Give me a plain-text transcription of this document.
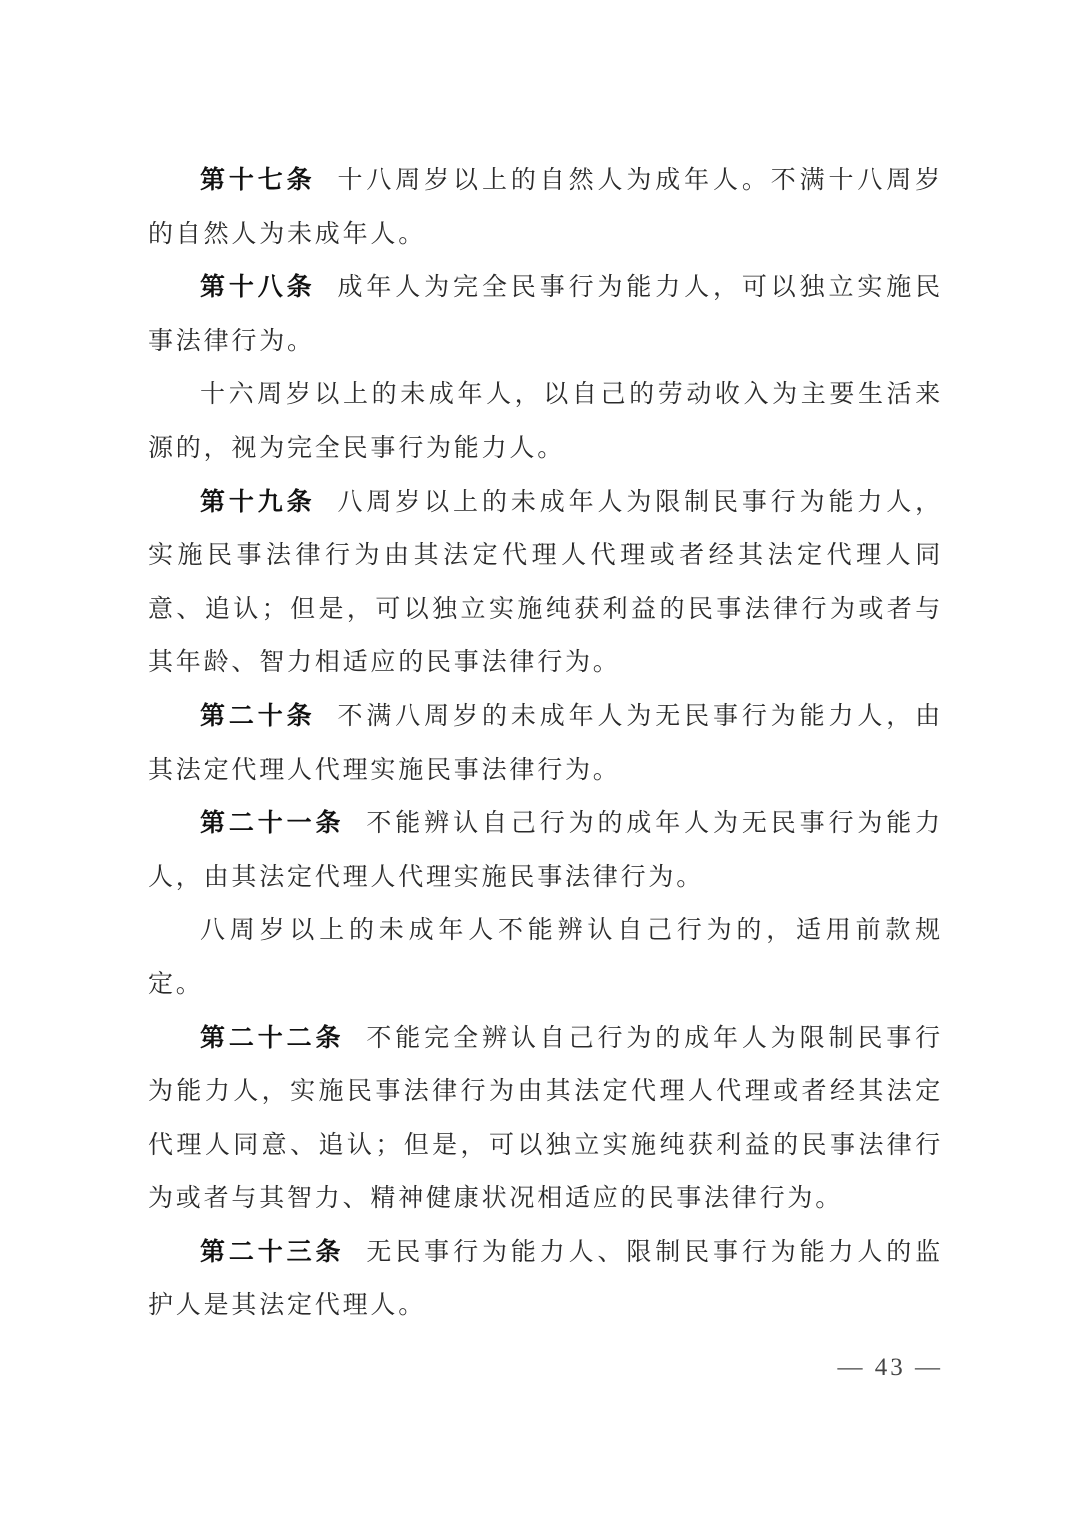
第十七条 十八周岁以上的自然人为成年人。不满十八周岁
的自然人为未成年人。
第十八条 成年人为完全民事行为能力人，可以独立实施民
事法律行为。
十六周岁以上的未成年人，以自己的劳动收入为主要生活来
源的，视为完全民事行为能力人。
第十九条 八周岁以上的未成年人为限制民事行为能力人，
实施民事法律行为由其法定代理人代理或者经其法定代理人同
意、追认；但是，可以独立实施纯获利益的民事法律行为或者与
其年龄、智力相适应的民事法律行为。
第二十条 不满八周岁的未成年人为无民事行为能力人，由
其法定代理人代理实施民事法律行为。
第二十一条 不能辨认自己行为的成年人为无民事行为能力
人，由其法定代理人代理实施民事法律行为。
八周岁以上的未成年人不能辨认自己行为的，适用前款规
定。
第二十二条 不能完全辨认自己行为的成年人为限制民事行
为能力人，实施民事法律行为由其法定代理人代理或者经其法定
代理人同意、追认；但是，可以独立实施纯获利益的民事法律行
为或者与其智力、精神健康状况相适应的民事法律行为。
第二十三条 无民事行为能力人、限制民事行为能力人的监
护人是其法定代理人。
— 43 —
